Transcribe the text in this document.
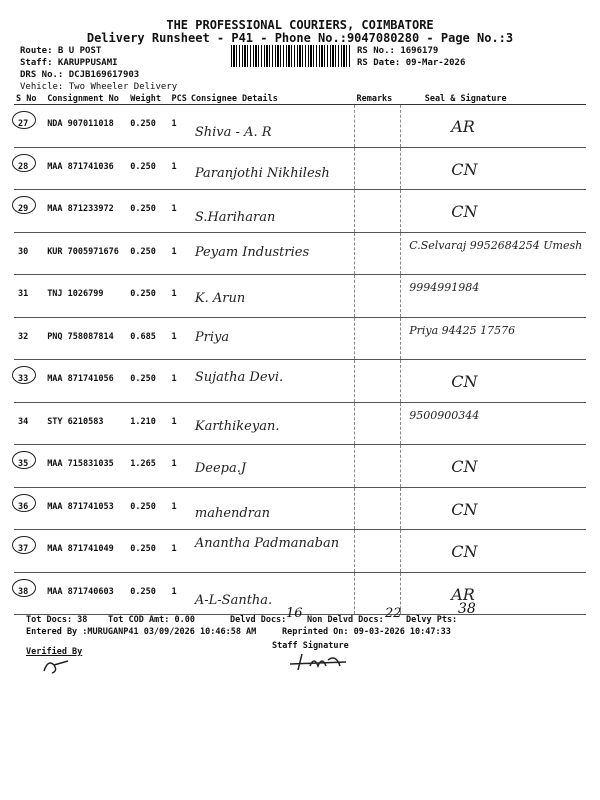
THE PROFESSIONAL COURIERS, COIMBATORE
Delivery Runsheet - P41 - Phone No.:9047080280 - Page No.:3
Route: B U POST
Staff: KARUPPUSAMI
DRS No.: DCJB169617903
Vehicle: Two Wheeler Delivery
RS No.: 1696179
RS Date: 09-Mar-2026
S No	Consignment No	Weight	PCS	Consignee Details	Remarks	Seal & Signature

27	NDA 907011018	0.250	1	Shiva - A. R		AR

28	MAA 871741036	0.250	1	Paranjothi Nikhilesh		CN

29	MAA 871233972	0.250	1	S.Hariharan		CN

30	KUR 7005971676	0.250	1	Peyam Industries		C.Selvaraj 9952684254 Umesh

31	TNJ 1026799	0.250	1	K. Arun		9994991984

32	PNQ 758087814	0.685	1	Priya		Priya 94425 17576

33	MAA 871741056	0.250	1	Sujatha Devi.		CN

34	STY 6210583	1.210	1	Karthikeyan.		9500900344

35	MAA 715831035	1.265	1	Deepa.J		CN

36	MAA 871741053	0.250	1	mahendran		CN

37	MAA 871741049	0.250	1	Anantha Padmanaban		CN

38	MAA 871740603	0.250	1	A-L-Santha.		AR
Tot Docs: 38 Tot COD Amt: 0.00	Delvd Docs: 16 Non Delvd Docs: 22 Delvy Pts:
38
Entered By :MURUGANP41 03/09/2026 10:46:58 AM	Reprinted On: 09-03-2026 10:47:33
Verified By
Staff Signature
